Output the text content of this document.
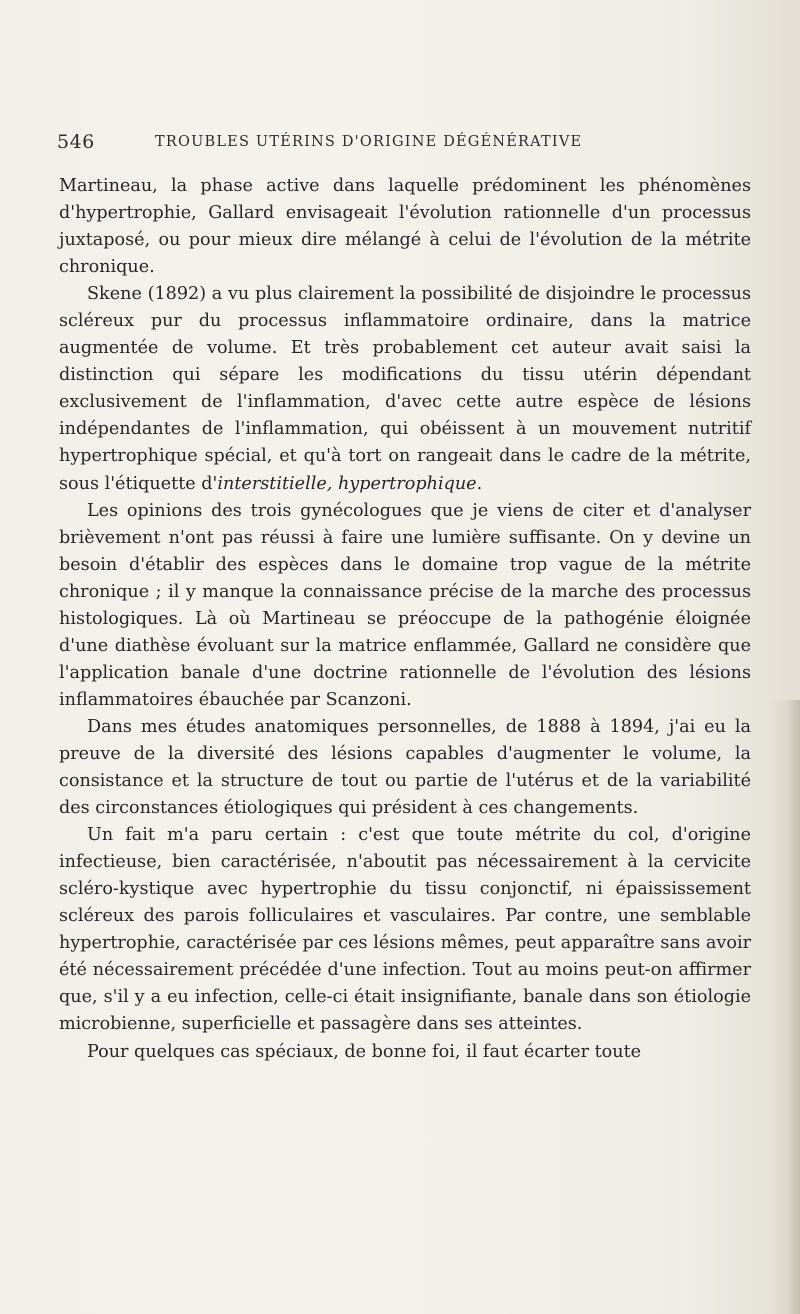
546	TROUBLES UTÉRINS D'ORIGINE DÉGÉNÉRATIVE

Martineau, la phase active dans laquelle prédominent les phénomènes d'hypertrophie, Gallard envisageait l'évolution rationnelle d'un processus juxtaposé, ou pour mieux dire mélangé à celui de l'évolution de la métrite chronique.

Skene (1892) a vu plus clairement la possibilité de disjoindre le processus scléreux pur du processus inflammatoire ordinaire, dans la matrice augmentée de volume. Et très probablement cet auteur avait saisi la distinction qui sépare les modifications du tissu utérin dépendant exclusivement de l'inflammation, d'avec cette autre espèce de lésions indépendantes de l'inflammation, qui obéissent à un mouvement nutritif hypertrophique spécial, et qu'à tort on rangeait dans le cadre de la métrite, sous l'étiquette d'interstitielle, hypertrophique.

Les opinions des trois gynécologues que je viens de citer et d'analyser brièvement n'ont pas réussi à faire une lumière suffisante. On y devine un besoin d'établir des espèces dans le domaine trop vague de la métrite chronique ; il y manque la connaissance précise de la marche des processus histologiques. Là où Martineau se préoccupe de la pathogénie éloignée d'une diathèse évoluant sur la matrice enflammée, Gallard ne considère que l'application banale d'une doctrine rationnelle de l'évolution des lésions inflammatoires ébauchée par Scanzoni.

Dans mes études anatomiques personnelles, de 1888 à 1894, j'ai eu la preuve de la diversité des lésions capables d'augmenter le volume, la consistance et la structure de tout ou partie de l'utérus et de la variabilité des circonstances étiologiques qui président à ces changements.

Un fait m'a paru certain : c'est que toute métrite du col, d'origine infectieuse, bien caractérisée, n'aboutit pas nécessairement à la cervicite scléro-kystique avec hypertrophie du tissu conjonctif, ni épaississement scléreux des parois folliculaires et vasculaires. Par contre, une semblable hypertrophie, caractérisée par ces lésions mêmes, peut apparaître sans avoir été nécessairement précédée d'une infection. Tout au moins peut-on affirmer que, s'il y a eu infection, celle-ci était insignifiante, banale dans son étiologie microbienne, superficielle et passagère dans ses atteintes.

Pour quelques cas spéciaux, de bonne foi, il faut écarter toute
